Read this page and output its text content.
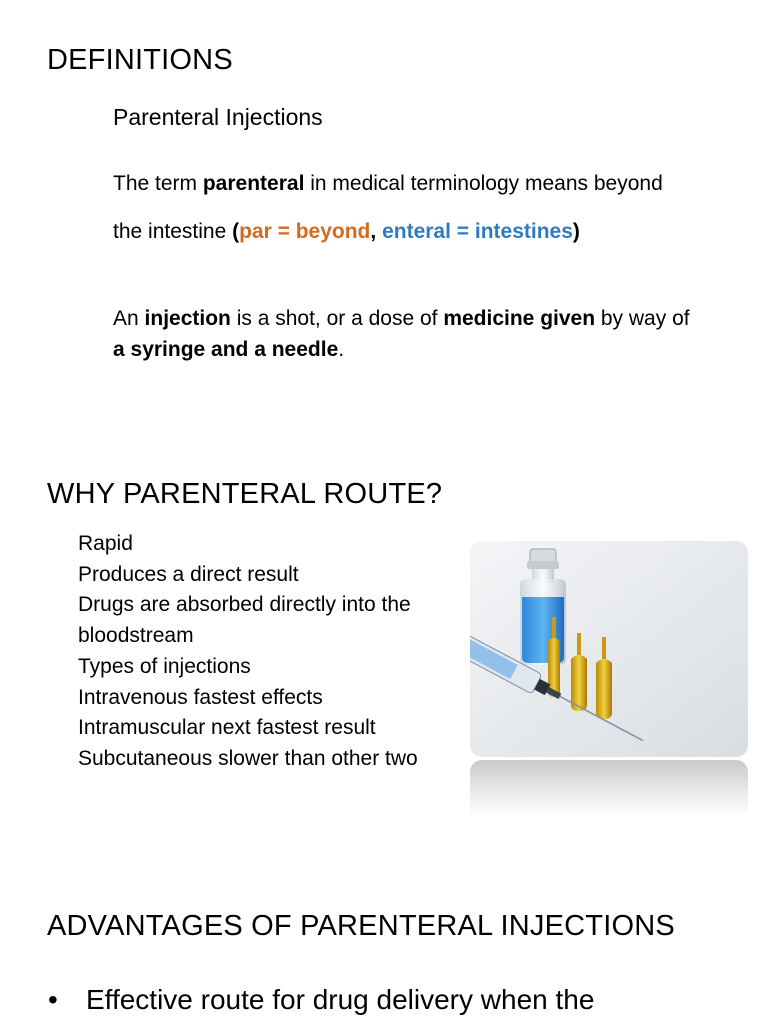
DEFINITIONS
Parenteral Injections
The term parenteral in medical terminology means beyond
the intestine (par = beyond, enteral = intestines)
An injection is a shot, or a dose of medicine given by way of
a syringe and a needle.
WHY PARENTERAL ROUTE?
Rapid
Produces a direct result
Drugs are absorbed directly into the
bloodstream
Types of injections
Intravenous fastest effects
Intramuscular next fastest result
Subcutaneous slower than other two
ADVANTAGES OF PARENTERAL INJECTIONS
• Effective route for drug delivery when the
